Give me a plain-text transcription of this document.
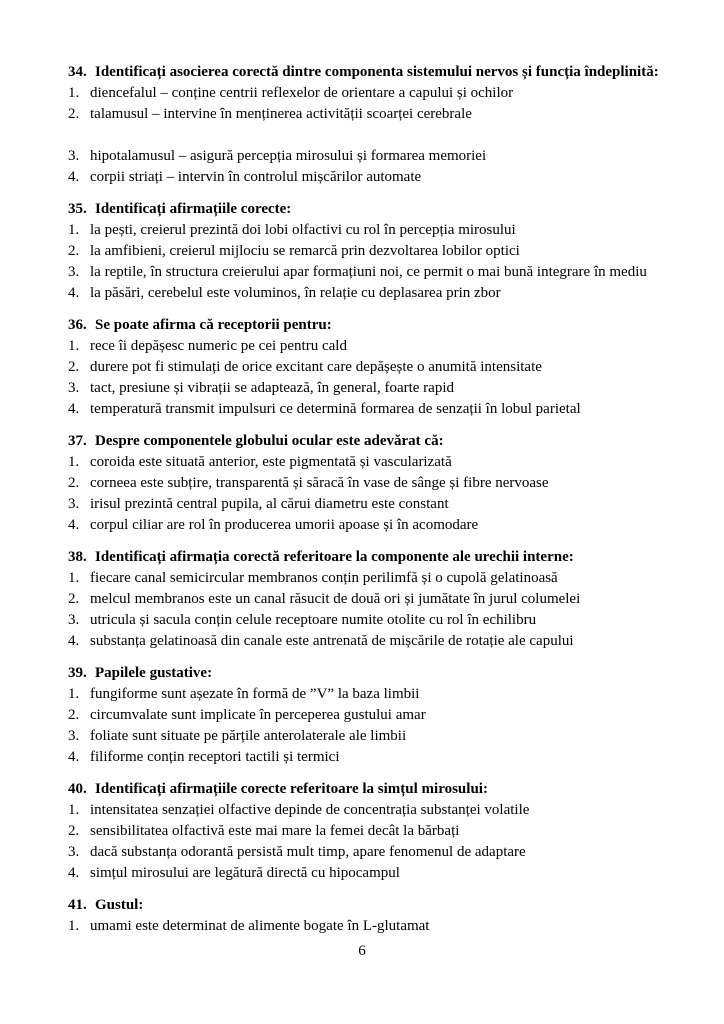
34. Identificați asocierea corectă dintre componenta sistemului nervos și funcția îndeplinită:
1. diencefalul – conține centrii reflexelor de orientare a capului și ochilor
2. talamusul – intervine în menținerea activității scoarței cerebrale
3. hipotalamusul – asigură percepția mirosului și formarea memoriei
4. corpii striați – intervin în controlul mișcărilor automate
35. Identificați afirmațiile corecte:
1. la pești, creierul prezintă doi lobi olfactivi cu rol în percepția mirosului
2. la amfibieni, creierul mijlociu se remarcă prin dezvoltarea lobilor optici
3. la reptile, în structura creierului apar formațiuni noi, ce permit o mai bună integrare în mediu
4. la păsări, cerebelul este voluminos, în relație cu deplasarea prin zbor
36. Se poate afirma că receptorii pentru:
1. rece îi depășesc numeric pe cei pentru cald
2. durere pot fi stimulați de orice excitant care depășește o anumită intensitate
3. tact, presiune și vibrații se adaptează, în general, foarte rapid
4. temperatură transmit impulsuri ce determină formarea de senzații în lobul parietal
37. Despre componentele globului ocular este adevărat că:
1. coroida este situată anterior, este pigmentată și vascularizată
2. corneea este subțire, transparentă și săracă în vase de sânge și fibre nervoase
3. irisul prezintă central pupila, al cărui diametru este constant
4. corpul ciliar are rol în producerea umorii apoase și în acomodare
38. Identificați afirmația corectă referitoare la componente ale urechii interne:
1. fiecare canal semicircular membranos conțin perilimfă și o cupolă gelatinoasă
2. melcul membranos este un canal răsucit de două ori și jumătate în jurul columelei
3. utricula și sacula conțin celule receptoare numite otolite cu rol în echilibru
4. substanța gelatinoasă din canale este antrenată de mișcările de rotație ale capului
39. Papilele gustative:
1. fungiforme sunt așezate în formă de ”V” la baza limbii
2. circumvalate sunt implicate în perceperea gustului amar
3. foliate sunt situate pe părțile anterolaterale ale limbii
4. filiforme conțin receptori tactili și termici
40. Identificați afirmațiile corecte referitoare la simțul mirosului:
1. intensitatea senzației olfactive depinde de concentrația substanței volatile
2. sensibilitatea olfactivă este mai mare la femei decât la bărbați
3. dacă substanța odorantă persistă mult timp, apare fenomenul de adaptare
4. simțul mirosului are legătură directă cu hipocampul
41. Gustul:
1. umami este determinat de alimente bogate în L-glutamat
6
